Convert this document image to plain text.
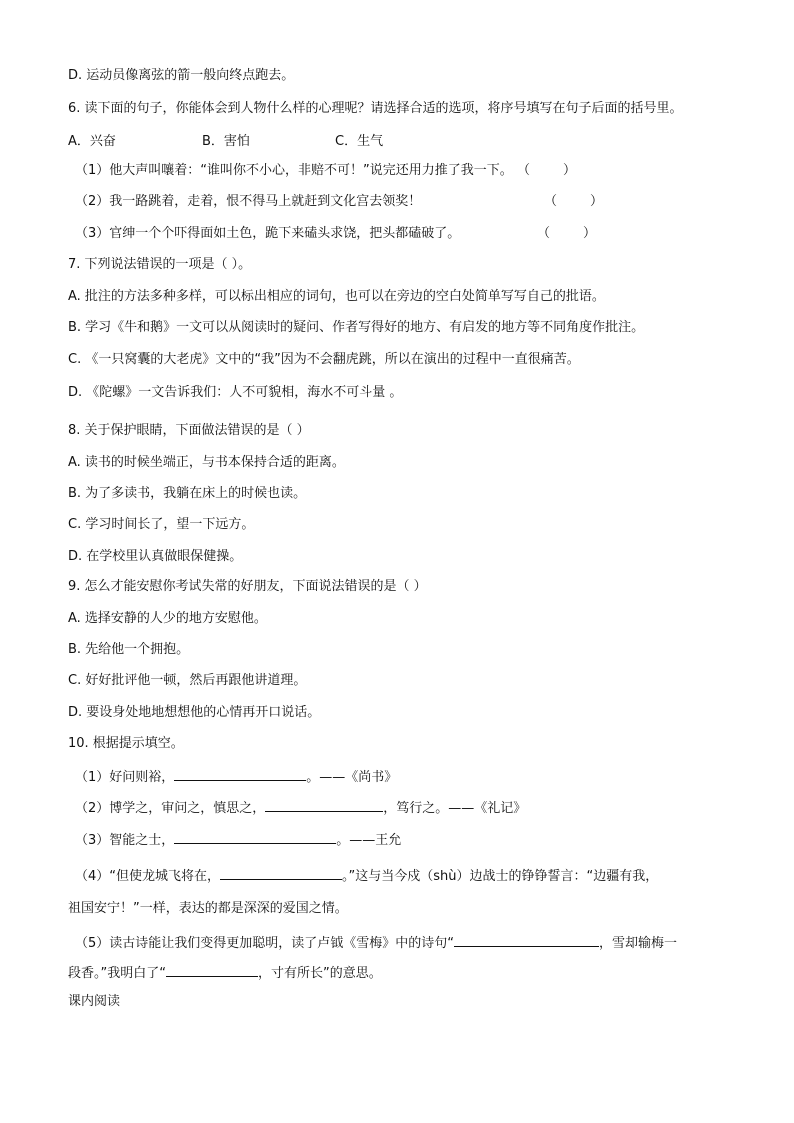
D. 运动员像离弦的箭一般向终点跑去。
6. 读下面的句子，你能体会到人物什么样的心理呢？请选择合适的选项，将序号填写在句子后面的括号里。
A．兴奋	B．害怕	C．生气
（1）他大声叫嚷着：“谁叫你不小心，非赔不可！”说完还用力推了我一下。 （        ）
（2）我一路跳着，走着，恨不得马上就赶到文化宫去领奖！	（        ）
（3）官绅一个个吓得面如土色，跪下来磕头求饶，把头都磕破了。	（        ）
7. 下列说法错误的一项是（ ）。
A. 批注的方法多种多样，可以标出相应的词句，也可以在旁边的空白处简单写写自己的批语。
B. 学习《牛和鹅》一文可以从阅读时的疑问、作者写得好的地方、有启发的地方等不同角度作批注。
C. 《一只窝囊的大老虎》文中的“我”因为不会翻虎跳，所以在演出的过程中一直很痛苦。
D. 《陀螺》一文告诉我们：人不可貌相，海水不可斗量 。
8. 关于保护眼睛，下面做法错误的是（ ）
A. 读书的时候坐端正，与书本保持合适的距离。
B. 为了多读书，我躺在床上的时候也读。
C. 学习时间长了，望一下远方。
D. 在学校里认真做眼保健操。
9. 怎么才能安慰你考试失常的好朋友，下面说法错误的是（ ）
A. 选择安静的人少的地方安慰他。
B. 先给他一个拥抱。
C. 好好批评他一顿，然后再跟他讲道理。
D. 要设身处地地想想他的心情再开口说话。
10. 根据提示填空。
（1）好问则裕，	。——《尚书》
（2）博学之，审问之，慎思之，	，笃行之。——《礼记》
（3）智能之士，	。——王允
（4）“但使龙城飞将在，	。”这与当今戍（shù）边战士的铮铮誓言：“边疆有我，
祖国安宁！”一样，表达的都是深深的爱国之情。
（5）读古诗能让我们变得更加聪明，读了卢钺《雪梅》中的诗句“	，雪却输梅一
段香。”我明白了“	，寸有所长”的意思。
课内阅读
